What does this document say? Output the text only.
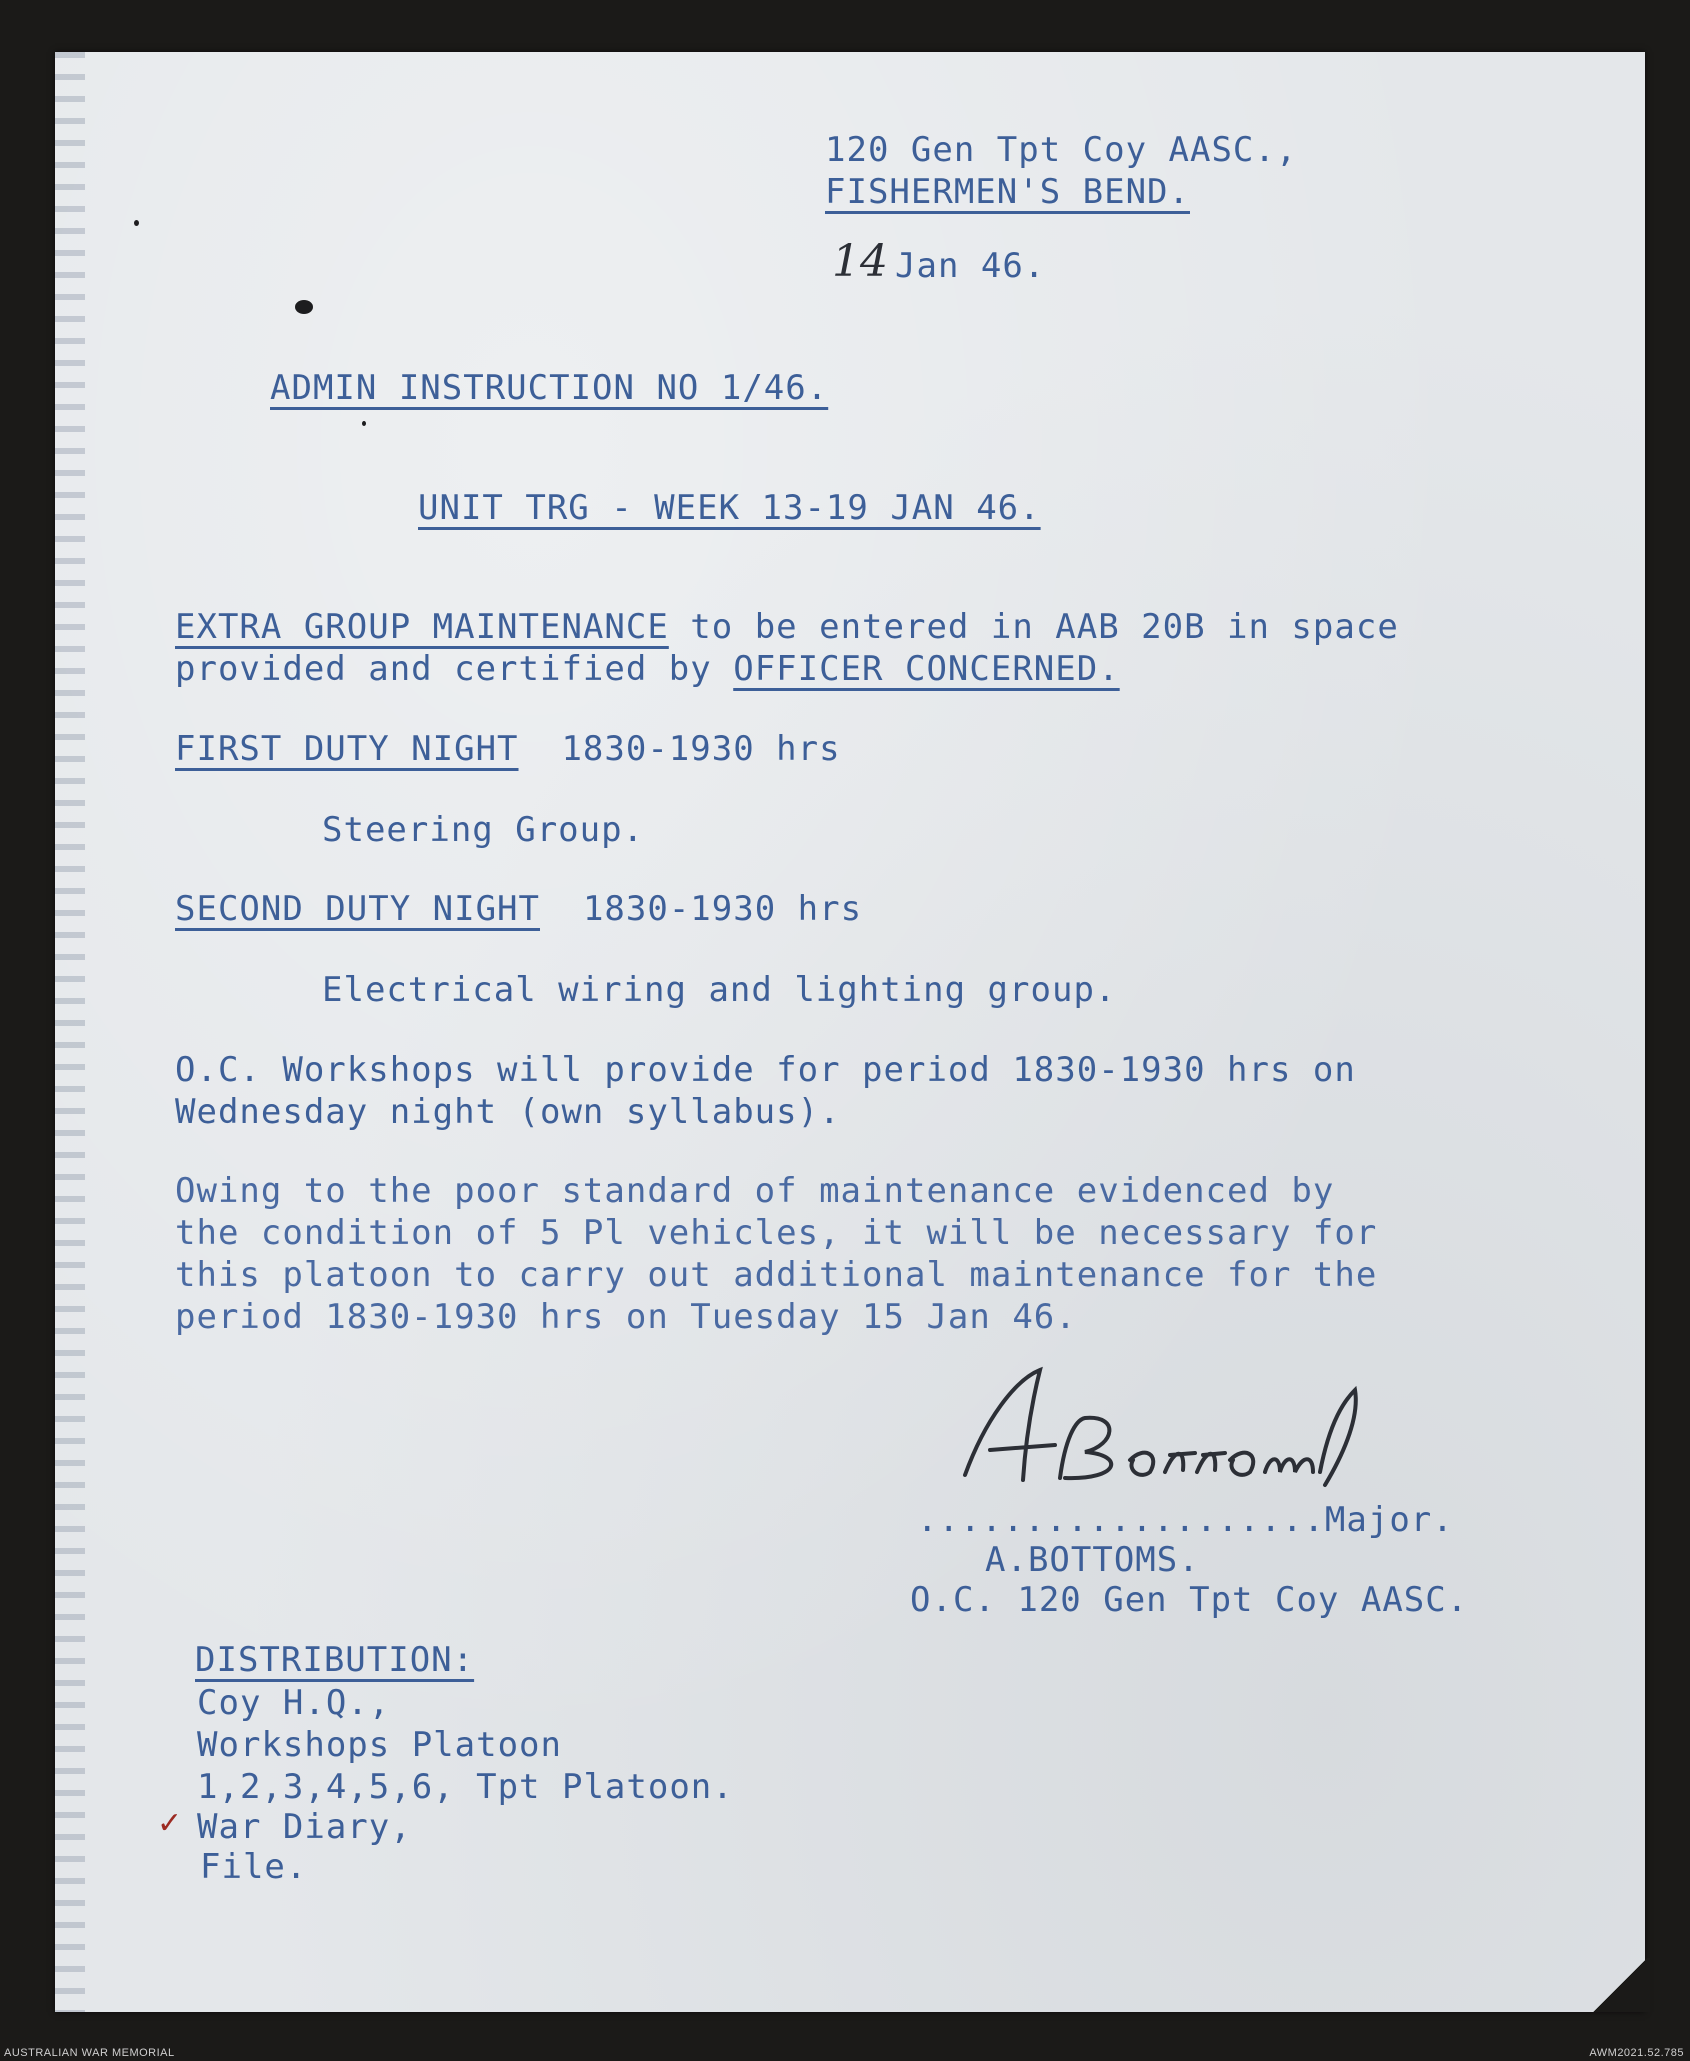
120 Gen Tpt Coy AASC.,
FISHERMEN'S BEND.
14 Jan 46.
ADMIN INSTRUCTION NO 1/46.
UNIT TRG - WEEK 13-19 JAN 46.
EXTRA GROUP MAINTENANCE to be entered in AAB 20B in space
provided and certified by OFFICER CONCERNED.
FIRST DUTY NIGHT  1830-1930 hrs
Steering Group.
SECOND DUTY NIGHT  1830-1930 hrs
Electrical wiring and lighting group.
O.C. Workshops will provide for period 1830-1930 hrs on
Wednesday night (own syllabus).
Owing to the poor standard of maintenance evidenced by
the condition of 5 Pl vehicles, it will be necessary for
this platoon to carry out additional maintenance for the
period 1830-1930 hrs on Tuesday 15 Jan 46.
...................Major.
A.BOTTOMS.
O.C. 120 Gen Tpt Coy AASC.
DISTRIBUTION:
Coy H.Q.,
Workshops Platoon
1,2,3,4,5,6, Tpt Platoon.
✓ War Diary,
File.
AUSTRALIAN WAR MEMORIAL	AWM2021.52.785
